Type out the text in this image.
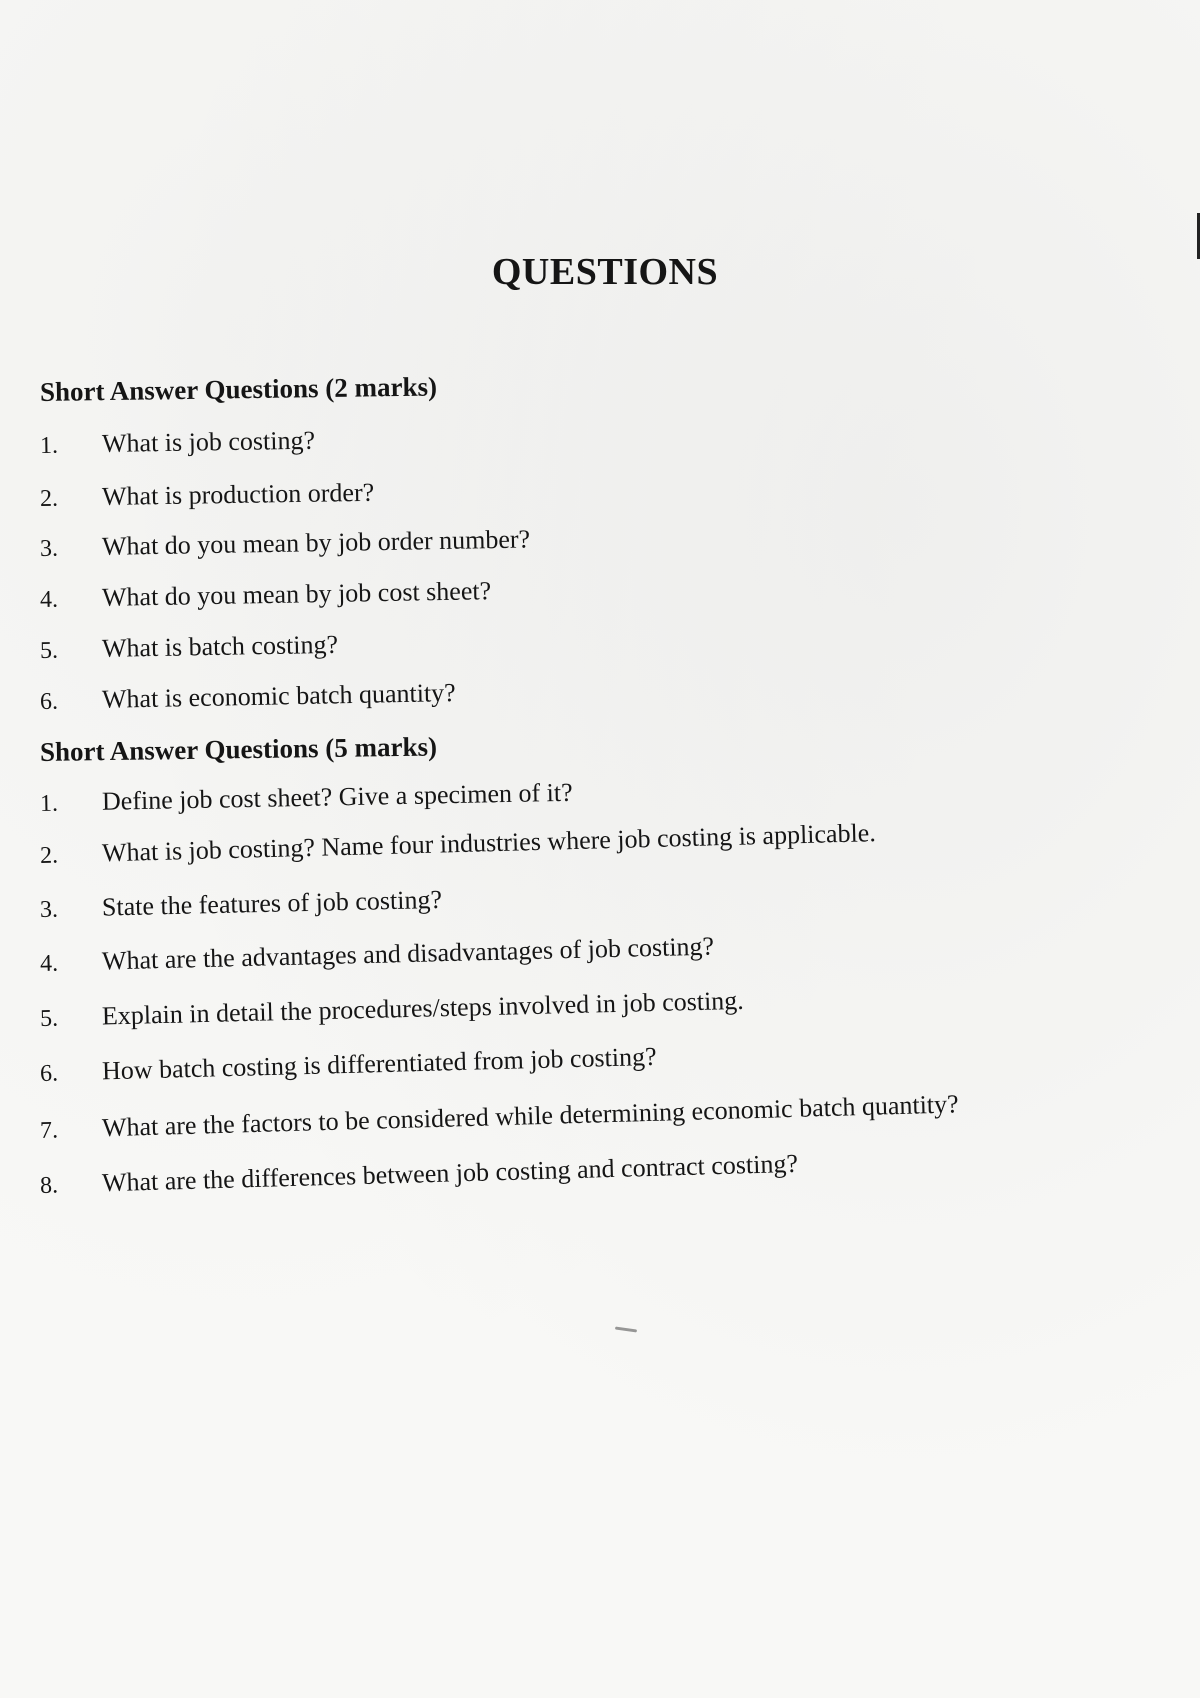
QUESTIONS
Short Answer Questions (2 marks)
1.	What is job costing?
2.	What is production order?
3.	What do you mean by job order number?
4.	What do you mean by job cost sheet?
5.	What is batch costing?
6.	What is economic batch quantity?
Short Answer Questions (5 marks)
1.	Define job cost sheet? Give a specimen of it?
2.	What is job costing? Name four industries where job costing is applicable.
3.	State the features of job costing?
4.	What are the advantages and disadvantages of job costing?
5.	Explain in detail the procedures/steps involved in job costing.
6.	How batch costing is differentiated from job costing?
7.	What are the factors to be considered while determining economic batch quantity?
8.	What are the differences between job costing and contract costing?
